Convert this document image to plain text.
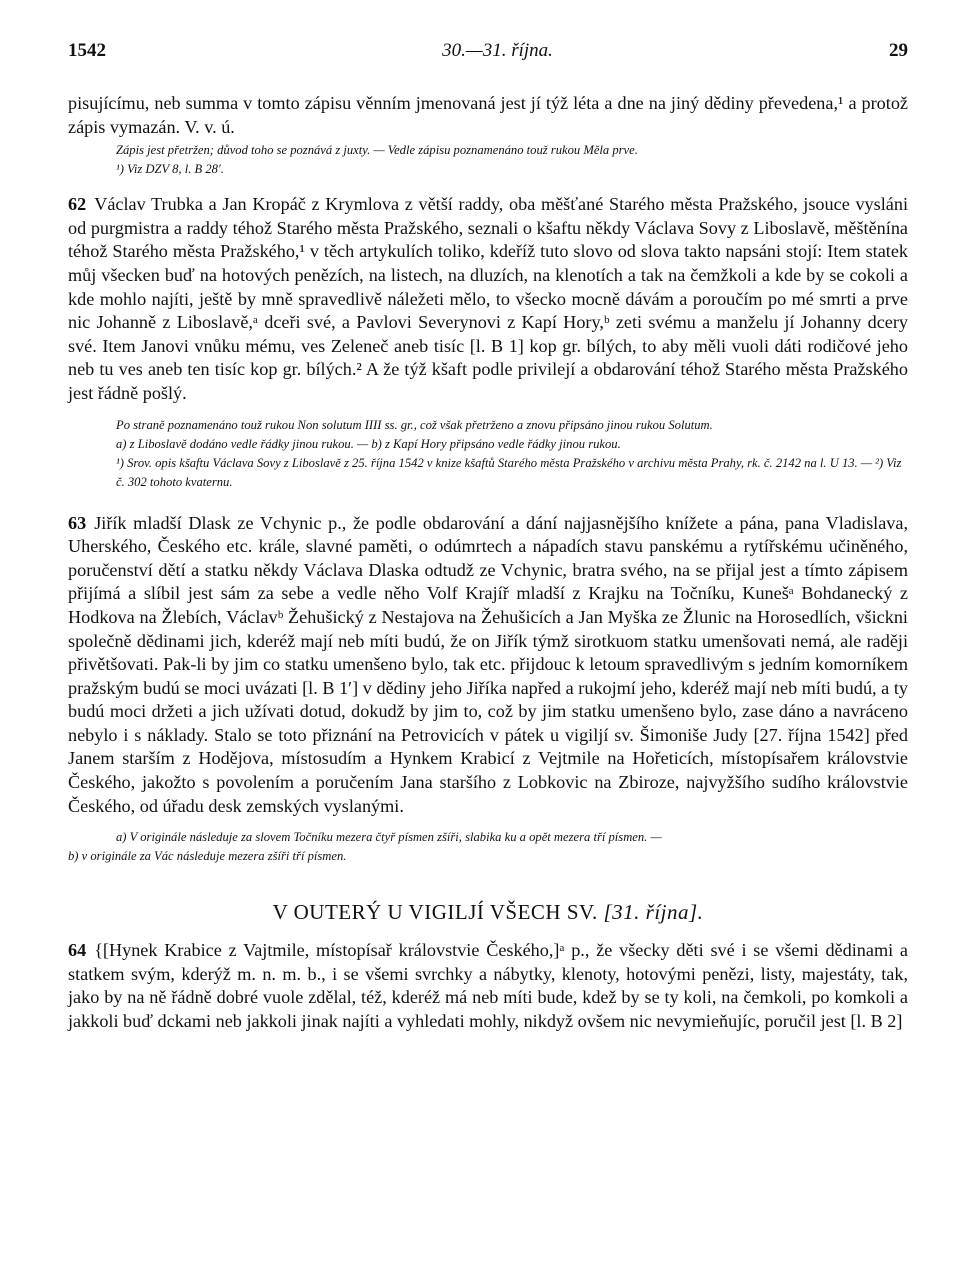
1542	30.—31. října.	29

pisujícímu, neb summa v tomto zápisu věnním jmenovaná jest jí týž léta a dne na jiný dědiny převedena,¹ a protož zápis vymazán. V. v. ú.

Zápis jest přetržen; důvod toho se poznává z juxty. — Vedle zápisu poznamenáno touž rukou Měla prve.

¹) Viz DZV 8, l. B 28′.

62 Václav Trubka a Jan Kropáč z Krymlova z větší raddy, oba měšťané Starého města Pražského, jsouce vysláni od purgmistra a raddy téhož Starého města Pražského, seznali o kšaftu někdy Václava Sovy z Liboslavě, měštěnína téhož Starého města Pražského,¹ v těch artykulích toliko, kdeříž tuto slovo od slova takto napsáni stojí: Item statek můj všecken buď na hotových penězích, na listech, na dluzích, na klenotích a tak na čemžkoli a kde by se cokoli a kde mohlo najíti, ještě by mně spravedlivě náležeti mělo, to všecko mocně dávám a poroučím po mé smrti a prve nic Johanně z Liboslavě,ᵃ dceři své, a Pavlovi Severynovi z Kapí Hory,ᵇ zeti svému a manželu jí Johanny dcery své. Item Janovi vnůku mému, ves Zeleneč aneb tisíc [l. B 1] kop gr. bílých, to aby měli vuoli dáti rodičové jeho neb tu ves aneb ten tisíc kop gr. bílých.² A že týž kšaft podle privilejí a obdarování téhož Starého města Pražského jest řádně pošlý.

Po straně poznamenáno touž rukou Non solutum IIII ss. gr., což však přetrženo a znovu připsáno jinou rukou Solutum.

a) z Liboslavě dodáno vedle řádky jinou rukou. — b) z Kapí Hory připsáno vedle řádky jinou rukou.

¹) Srov. opis kšaftu Václava Sovy z Liboslavě z 25. října 1542 v knize kšaftů Starého města Pražského v archivu města Prahy, rk. č. 2142 na l. U 13. — ²) Viz č. 302 tohoto kvaternu.

63 Jiřík mladší Dlask ze Vchynic p., že podle obdarování a dání najjasnějšího knížete a pána, pana Vladislava, Uherského, Českého etc. krále, slavné paměti, o odúmrtech a nápadích stavu panskému a rytířskému učiněného, poručenství dětí a statku někdy Václava Dlaska odtudž ze Vchynic, bratra svého, na se přijal jest a tímto zápisem přijímá a slíbil jest sám za sebe a vedle něho Volf Krajíř mladší z Krajku na Točníku, Kunešᵃ Bohdanecký z Hodkova na Žlebích, Václavᵇ Žehušický z Nestajova na Žehušicích a Jan Myška ze Žlunic na Horosedlích, všickni společně dědinami jich, kderéž mají neb míti budú, že on Jiřík týmž sirotkuom statku umenšovati nemá, ale raději přivětšovati. Pak-li by jim co statku umenšeno bylo, tak etc. přijdouc k letoum spravedlivým s jedním komorníkem pražským budú se moci uvázati [l. B 1′] v dědiny jeho Jiříka napřed a rukojmí jeho, kderéž mají neb míti budú, a ty budú moci držeti a jich užívati dotud, dokudž by jim to, což by jim statku umenšeno bylo, zase dáno a navráceno nebylo i s náklady. Stalo se toto přiznání na Petrovicích v pátek u vigiljí sv. Šimoniše Judy [27. října 1542] před Janem starším z Hodějova, místosudím a Hynkem Krabicí z Vejtmile na Hořeticích, místopísařem královstvie Českého, jakožto s povolením a poručením Jana staršího z Lobkovic na Zbiroze, najvyžšího sudího královstvie Českého, od úřadu desk zemských vyslanými.

a) V originále následuje za slovem Točníku mezera čtyř písmen zšíři, slabika ku a opět mezera tří písmen. —

b) v originále za Vác následuje mezera zšíři tří písmen.

V OUTERÝ U VIGILJÍ VŠECH SV. [31. října].

64 {[Hynek Krabice z Vajtmile, místopísař královstvie Českého,]ᵃ p., že všecky děti své i se všemi dědinami a statkem svým, kderýž m. n. m. b., i se všemi svrchky a nábytky, klenoty, hotovými penězi, listy, majestáty, tak, jako by na ně řádně dobré vuole zdělal, též, kderéž má neb míti bude, kdež by se ty koli, na čemkoli, po komkoli a jakkoli buď dckami neb jakkoli jinak najíti a vyhledati mohly, nikdyž ovšem nic nevymieňujíc, poručil jest [l. B 2]
